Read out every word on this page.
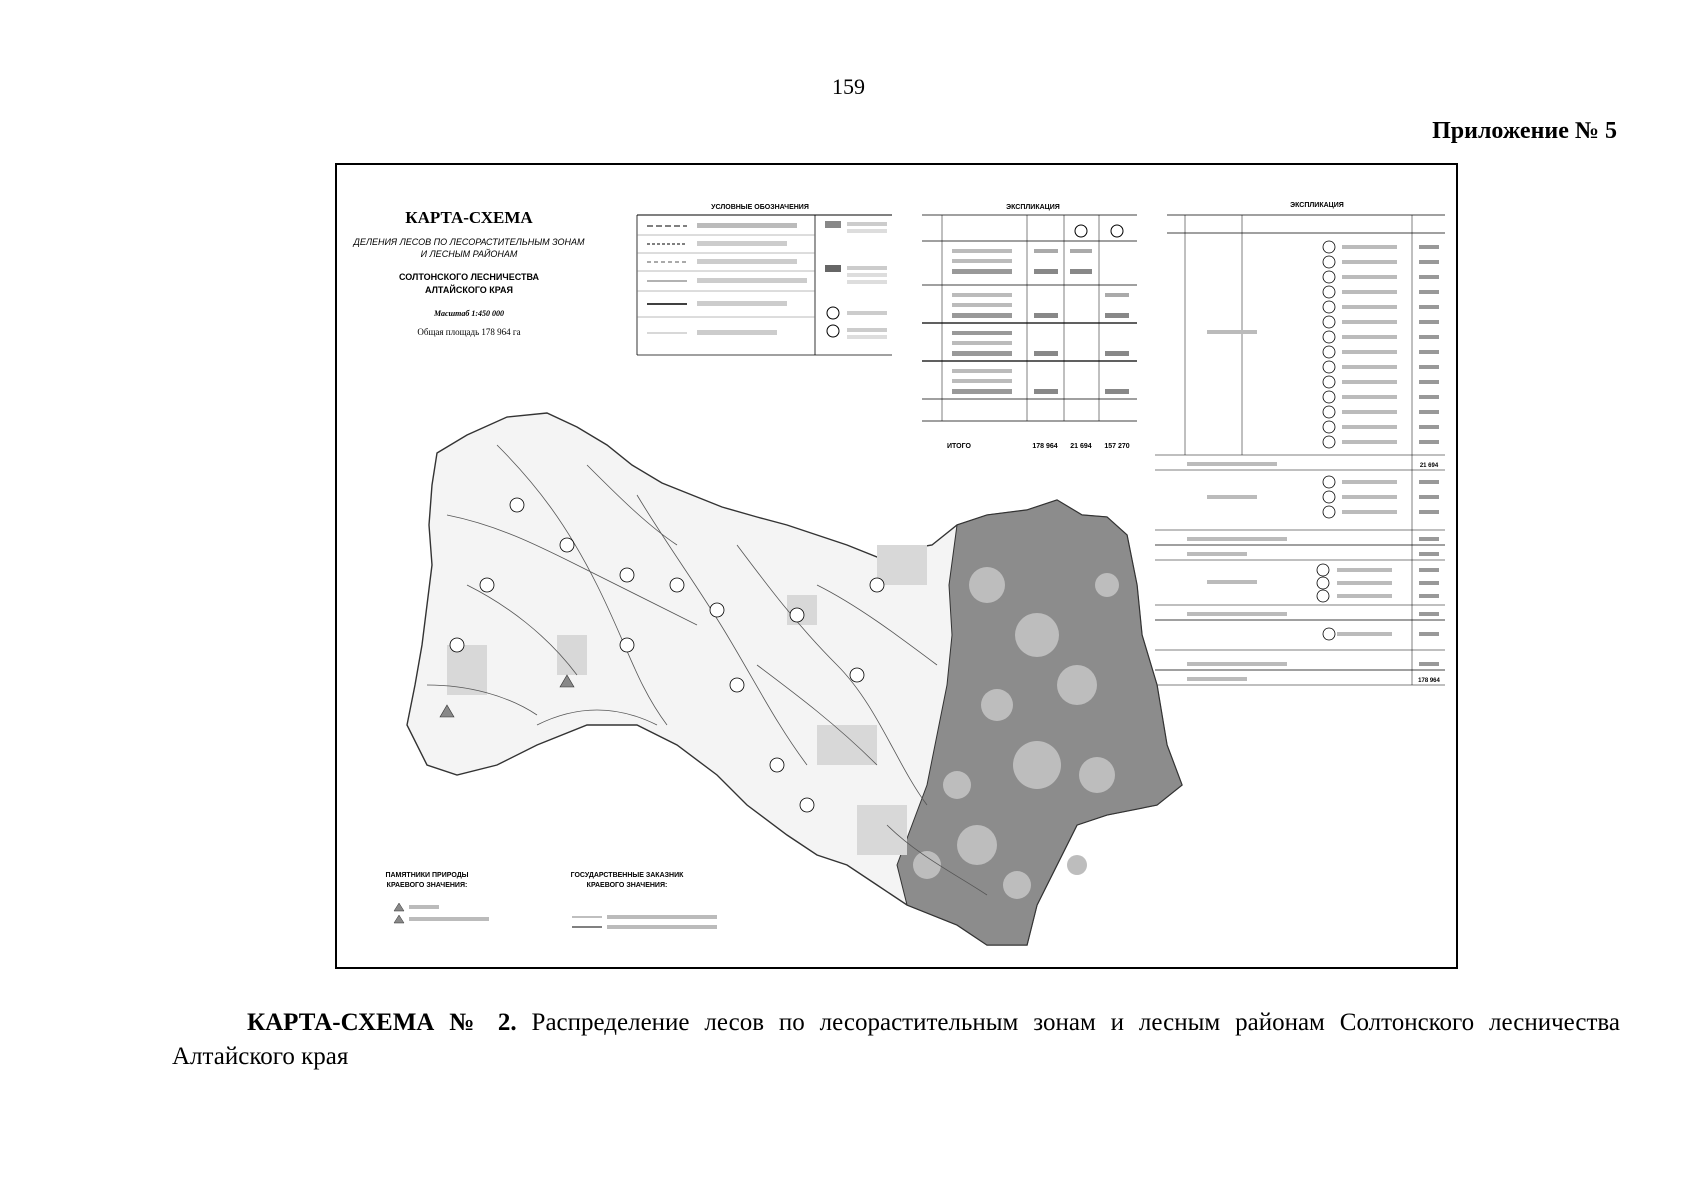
159
Приложение № 5
КАРТА-СХЕМА
ДЕЛЕНИЯ ЛЕСОВ ПО ЛЕСОРАСТИТЕЛЬНЫМ ЗОНАМ
И ЛЕСНЫМ РАЙОНАМ
СОЛТОНСКОГО ЛЕСНИЧЕСТВА
АЛТАЙСКОГО КРАЯ
Масштаб 1:450 000
Общая площадь 178 964 га
УСЛОВНЫЕ ОБОЗНАЧЕНИЯ	ЭКСПЛИКАЦИЯ
ИТОГО	178 964 21 694 157 270
ЭКСПЛИКАЦИЯ
21 694
178 964
ПАМЯТНИКИ ПРИРОДЫ
КРАЕВОГО ЗНАЧЕНИЯ:
ГОСУДАРСТВЕННЫЕ ЗАКАЗНИК
КРАЕВОГО ЗНАЧЕНИЯ:

КАРТА-СХЕМА № 2. Распределение лесов по лесорастительным зонам и лесным районам Солтонского лесничества Алтайского края
